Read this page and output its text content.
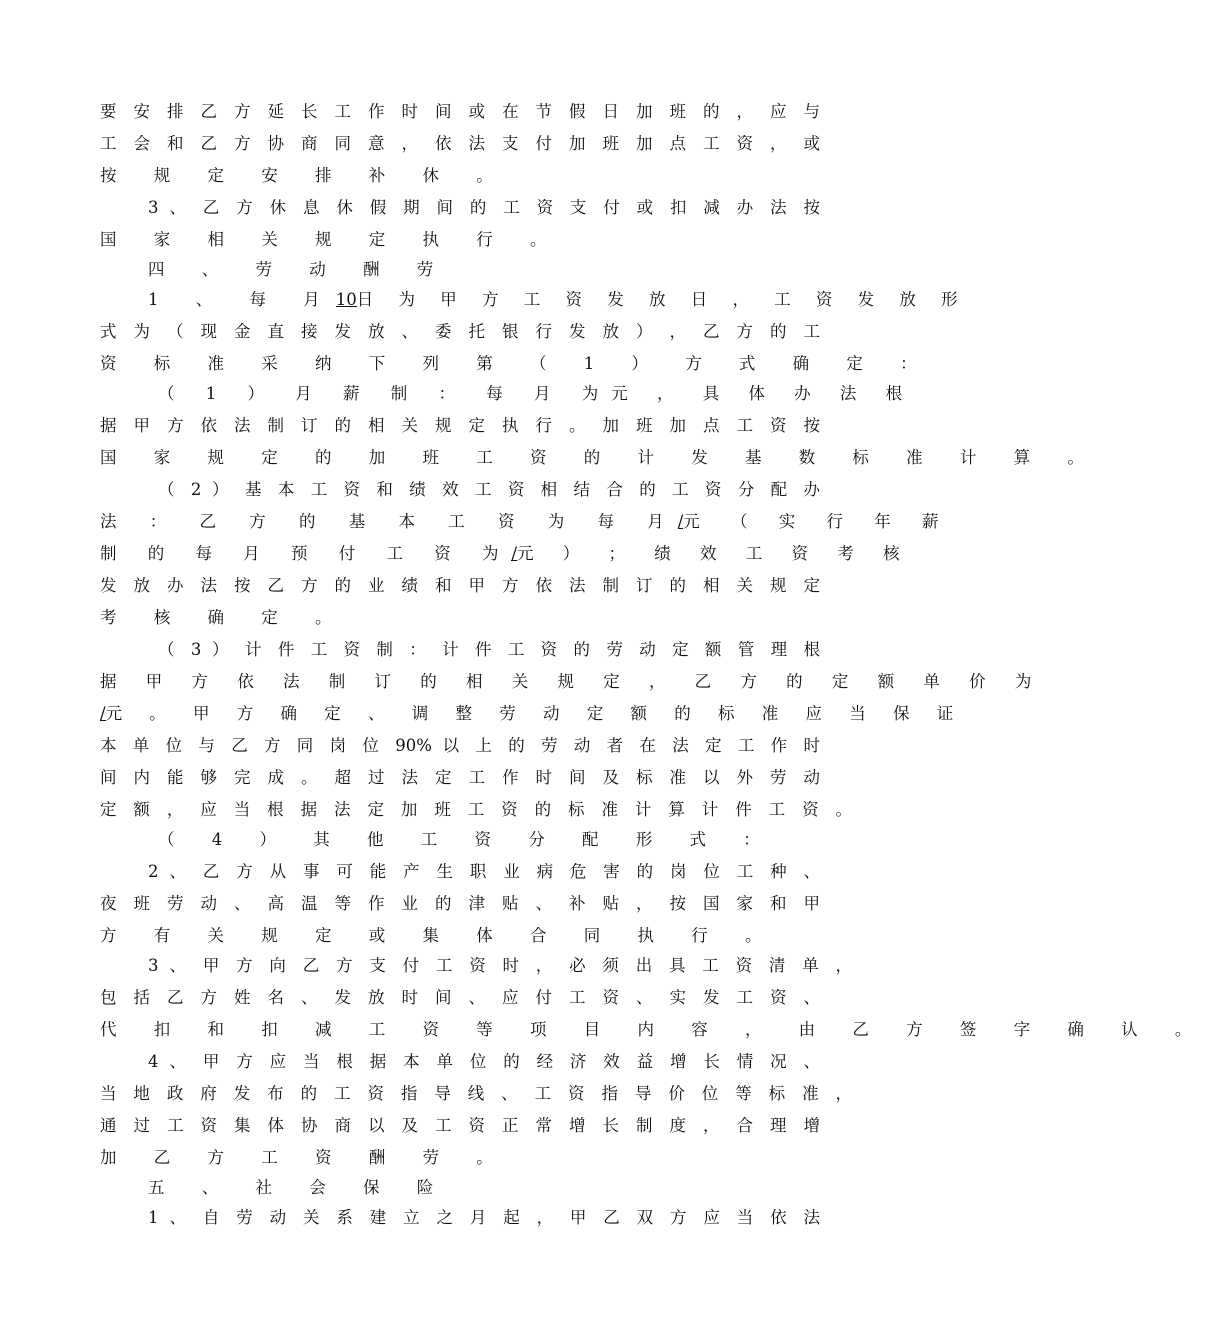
要 安 排 乙 方 延 长 工 作 时 间 或 在 节 假 日 加 班 的 ， 应 与
工 会 和 乙 方 协 商 同 意 ， 依 法 支 付 加 班 加 点 工 资 ， 或
按 规 定 安 排 补 休 。
3 、 乙 方 休 息 休 假 期 间 的 工 资 支 付 或 扣 减 办 法 按
国 家 相 关 规 定 执 行 。
四 、 劳 动 酬 劳
1 、 每 月 10 日 为 甲 方 工 资 发 放 日 ， 工 资 发 放 形
式 为 （ 现 金 直 接 发 放 、 委 托 银 行 发 放 ） ， 乙 方 的 工
资 标 准 采 纳 下 列 第 （ 1 ） 方 式 确 定 ：
（ 1 ） 月 薪 制 ： 每 月 为 元 ， 具 体 办 法 根
据 甲 方 依 法 制 订 的 相 关 规 定 执 行 。 加 班 加 点 工 资 按
国 家 规 定 的 加 班 工 资 的 计 发 基 数 标 准 计 算 。
（ 2 ） 基 本 工 资 和 绩 效 工 资 相 结 合 的 工 资 分 配 办
法 ： 乙 方 的 基 本 工 资 为 每 月 / 元 （ 实 行 年 薪
制 的 每 月 预 付 工 资 为 / 元 ） ； 绩 效 工 资 考 核
发 放 办 法 按 乙 方 的 业 绩 和 甲 方 依 法 制 订 的 相 关 规 定
考 核 确 定 。
（ 3 ） 计 件 工 资 制 ： 计 件 工 资 的 劳 动 定 额 管 理 根
据 甲 方 依 法 制 订 的 相 关 规 定 ， 乙 方 的 定 额 单 价 为
/ 元 。 甲 方 确 定 、 调 整 劳 动 定 额 的 标 准 应 当 保 证
本 单 位 与 乙 方 同 岗 位 90% 以 上 的 劳 动 者 在 法 定 工 作 时
间 内 能 够 完 成 。 超 过 法 定 工 作 时 间 及 标 准 以 外 劳 动
定 额 ， 应 当 根 据 法 定 加 班 工 资 的 标 准 计 算 计 件 工 资 。
（ 4 ） 其 他 工 资 分 配 形 式 ：
2 、 乙 方 从 事 可 能 产 生 职 业 病 危 害 的 岗 位 工 种 、
夜 班 劳 动 、 高 温 等 作 业 的 津 贴 、 补 贴 ， 按 国 家 和 甲
方 有 关 规 定 或 集 体 合 同 执 行 。
3 、 甲 方 向 乙 方 支 付 工 资 时 ， 必 须 出 具 工 资 清 单 ，
包 括 乙 方 姓 名 、 发 放 时 间 、 应 付 工 资 、 实 发 工 资 、
代 扣 和 扣 减 工 资 等 项 目 内 容 ， 由 乙 方 签 字 确 认 。
4 、 甲 方 应 当 根 据 本 单 位 的 经 济 效 益 增 长 情 况 、
当 地 政 府 发 布 的 工 资 指 导 线 、 工 资 指 导 价 位 等 标 准 ，
通 过 工 资 集 体 协 商 以 及 工 资 正 常 增 长 制 度 ， 合 理 增
加 乙 方 工 资 酬 劳 。
五 、 社 会 保 险
1 、 自 劳 动 关 系 建 立 之 月 起 ， 甲 乙 双 方 应 当 依 法
